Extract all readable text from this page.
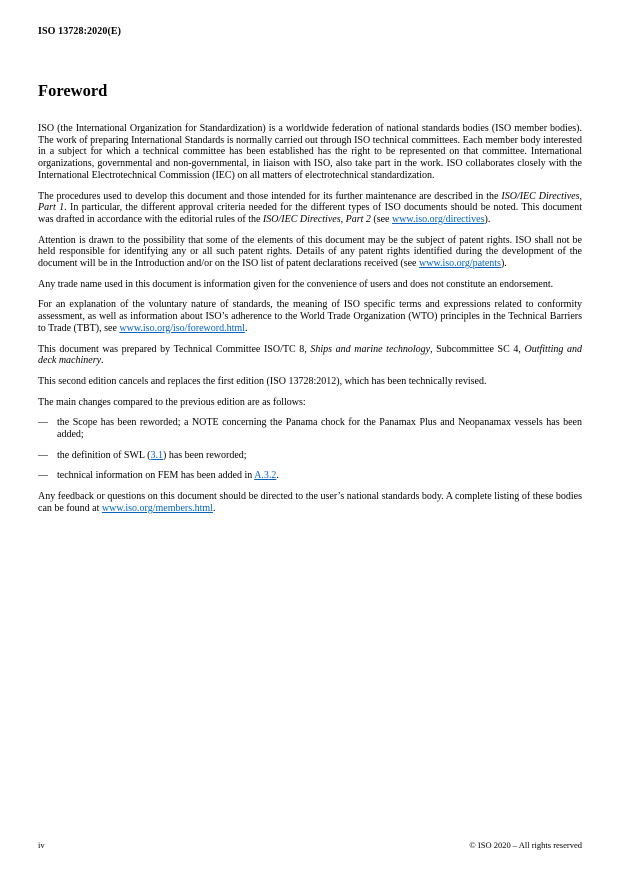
ISO 13728:2020(E)
Foreword

ISO (the International Organization for Standardization) is a worldwide federation of national standards bodies (ISO member bodies). The work of preparing International Standards is normally carried out through ISO technical committees. Each member body interested in a subject for which a technical committee has been established has the right to be represented on that committee. International organizations, governmental and non-governmental, in liaison with ISO, also take part in the work. ISO collaborates closely with the International Electrotechnical Commission (IEC) on all matters of electrotechnical standardization.

The procedures used to develop this document and those intended for its further maintenance are described in the ISO/IEC Directives, Part 1. In particular, the different approval criteria needed for the different types of ISO documents should be noted. This document was drafted in accordance with the editorial rules of the ISO/IEC Directives, Part 2 (see www.iso.org/directives).

Attention is drawn to the possibility that some of the elements of this document may be the subject of patent rights. ISO shall not be held responsible for identifying any or all such patent rights. Details of any patent rights identified during the development of the document will be in the Introduction and/or on the ISO list of patent declarations received (see www.iso.org/patents).

Any trade name used in this document is information given for the convenience of users and does not constitute an endorsement.

For an explanation of the voluntary nature of standards, the meaning of ISO specific terms and expressions related to conformity assessment, as well as information about ISO’s adherence to the World Trade Organization (WTO) principles in the Technical Barriers to Trade (TBT), see www.iso.org/iso/foreword.html.

This document was prepared by Technical Committee ISO/TC 8, Ships and marine technology, Subcommittee SC 4, Outfitting and deck machinery.

This second edition cancels and replaces the first edition (ISO 13728:2012), which has been technically revised.

The main changes compared to the previous edition are as follows:

— the Scope has been reworded; a NOTE concerning the Panama chock for the Panamax Plus and Neopanamax vessels has been added;

— the definition of SWL (3.1) has been reworded;

— technical information on FEM has been added in A.3.2.

Any feedback or questions on this document should be directed to the user’s national standards body. A complete listing of these bodies can be found at www.iso.org/members.html.

iv	© ISO 2020 – All rights reserved
